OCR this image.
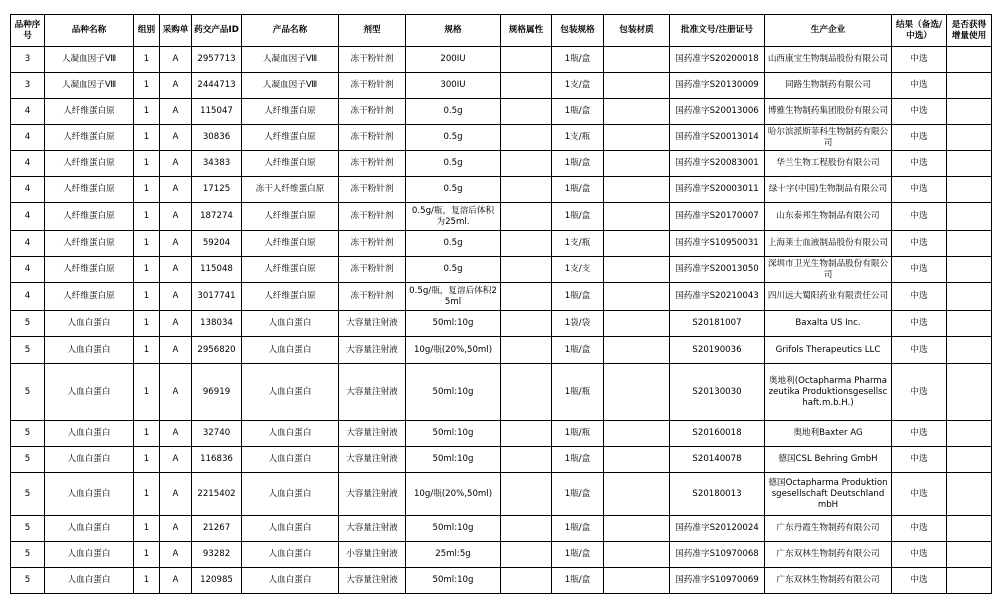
品种序号	品种名称	组别	采购单	药交产品ID	产品名称	剂型	规格	规格属性	包装规格	包装材质	批准文号/注册证号	生产企业	结果（备选/中选）	是否获得增量使用
3	人凝血因子Ⅷ	1	A	2957713	人凝血因子Ⅷ	冻干粉针剂	200IU		1瓶/盒		国药准字S20200018	山西康宝生物制品股份有限公司	中选	
3	人凝血因子Ⅷ	1	A	2444713	人凝血因子Ⅷ	冻干粉针剂	300IU		1支/盒		国药准字S20130009	同路生物制药有限公司	中选	
4	人纤维蛋白原	1	A	115047	人纤维蛋白原	冻干粉针剂	0.5g		1瓶/盒		国药准字S20013006	博雅生物制药集团股份有限公司	中选	
4	人纤维蛋白原	1	A	30836	人纤维蛋白原	冻干粉针剂	0.5g		1支/瓶		国药准字S20013014	哈尔滨派斯菲科生物制药有限公司	中选	
4	人纤维蛋白原	1	A	34383	人纤维蛋白原	冻干粉针剂	0.5g		1瓶/盒		国药准字S20083001	华兰生物工程股份有限公司	中选	
4	人纤维蛋白原	1	A	17125	冻干人纤维蛋白原	冻干粉针剂	0.5g		1瓶/盒		国药准字S20003011	绿十字(中国)生物制品有限公司	中选	
4	人纤维蛋白原	1	A	187274	人纤维蛋白原	冻干粉针剂	0.5g/瓶，复溶后体积为25ml.		1瓶/盒		国药准字S20170007	山东泰邦生物制品有限公司	中选	
4	人纤维蛋白原	1	A	59204	人纤维蛋白原	冻干粉针剂	0.5g		1支/瓶		国药准字S10950031	上海莱士血液制品股份有限公司	中选	
4	人纤维蛋白原	1	A	115048	人纤维蛋白原	冻干粉针剂	0.5g		1支/支		国药准字S20013050	深圳市卫光生物制品股份有限公司	中选	
4	人纤维蛋白原	1	A	3017741	人纤维蛋白原	冻干粉针剂	0.5g/瓶，复溶后体积25ml		1瓶/盒		国药准字S20210043	四川远大蜀阳药业有限责任公司	中选	
5	人血白蛋白	1	A	138034	人血白蛋白	大容量注射液	50ml:10g		1袋/袋		S20181007	Baxalta US Inc.	中选	
5	人血白蛋白	1	A	2956820	人血白蛋白	大容量注射液	10g/瓶(20%,50ml)		1瓶/盒		S20190036	Grifols Therapeutics LLC	中选	
5	人血白蛋白	1	A	96919	人血白蛋白	大容量注射液	50ml:10g		1瓶/瓶		S20130030	奥地利(Octapharma Pharmazeutika Produktionsgesellschaft.m.b.H.)	中选	
5	人血白蛋白	1	A	32740	人血白蛋白	大容量注射液	50ml:10g		1瓶/瓶		S20160018	奥地利Baxter AG	中选	
5	人血白蛋白	1	A	116836	人血白蛋白	大容量注射液	50ml:10g		1瓶/盒		S20140078	德国CSL Behring GmbH	中选	
5	人血白蛋白	1	A	2215402	人血白蛋白	大容量注射液	10g/瓶(20%,50ml)		1瓶/盒		S20180013	德国Octapharma Produktionsgesellschaft Deutschland mbH	中选	
5	人血白蛋白	1	A	21267	人血白蛋白	大容量注射液	50ml:10g		1瓶/盒		国药准字S20120024	广东丹霞生物制药有限公司	中选	
5	人血白蛋白	1	A	93282	人血白蛋白	小容量注射液	25ml:5g		1瓶/盒		国药准字S10970068	广东双林生物制药有限公司	中选	
5	人血白蛋白	1	A	120985	人血白蛋白	大容量注射液	50ml:10g		1瓶/盒		国药准字S10970069	广东双林生物制药有限公司	中选	
